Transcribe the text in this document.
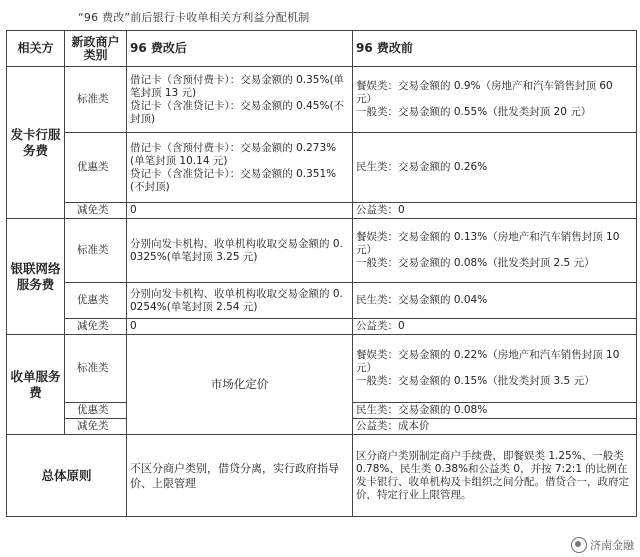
“96 费改”前后银行卡收单相关方利益分配机制
相关方	新政商户类别	96 费改后	96 费改前
发卡行服务费	标准类	借记卡（含预付费卡）：交易金额的 0.35%(单笔封顶 13 元)
贷记卡（含准贷记卡）：交易金额的 0.45%(不封顶)	餐娱类：交易金额的 0.9%（房地产和汽车销售封顶 60 元）
一般类：交易金额的 0.55%（批发类封顶 20 元）
	优惠类	借记卡（含预付费卡）：交易金额的 0.273%(单笔封顶 10.14 元)
贷记卡（含准贷记卡）：交易金额的 0.351%(不封顶)	民生类：交易金额的 0.26%
	减免类	0	公益类：0
银联网络服务费	标准类	分别向发卡机构、收单机构收取交易金额的 0.0325%(单笔封顶 3.25 元)	餐娱类：交易金额的 0.13%（房地产和汽车销售封顶 10 元）
一般类：交易金额的 0.08%（批发类封顶 2.5 元）
	优惠类	分别向发卡机构、收单机构收取交易金额的 0.0254%(单笔封顶 2.54 元)	民生类：交易金额的 0.04%
	减免类	0	公益类：0
收单服务费	标准类	市场化定价	餐娱类：交易金额的 0.22%（房地产和汽车销售封顶 10 元）
一般类：交易金额的 0.15%（批发类封顶 3.5 元）
	优惠类		民生类：交易金额的 0.08%
	减免类		公益类：成本价
总体原则		不区分商户类别，借贷分离，实行政府指导价、上限管理	区分商户类别制定商户手续费，即餐娱类 1.25%、一般类 0.78%、民生类 0.38%和公益类 0，并按 7:2:1 的比例在发卡银行、收单机构及卡组织之间分配。借贷合一，政府定价，特定行业上限管理。
济南金融
